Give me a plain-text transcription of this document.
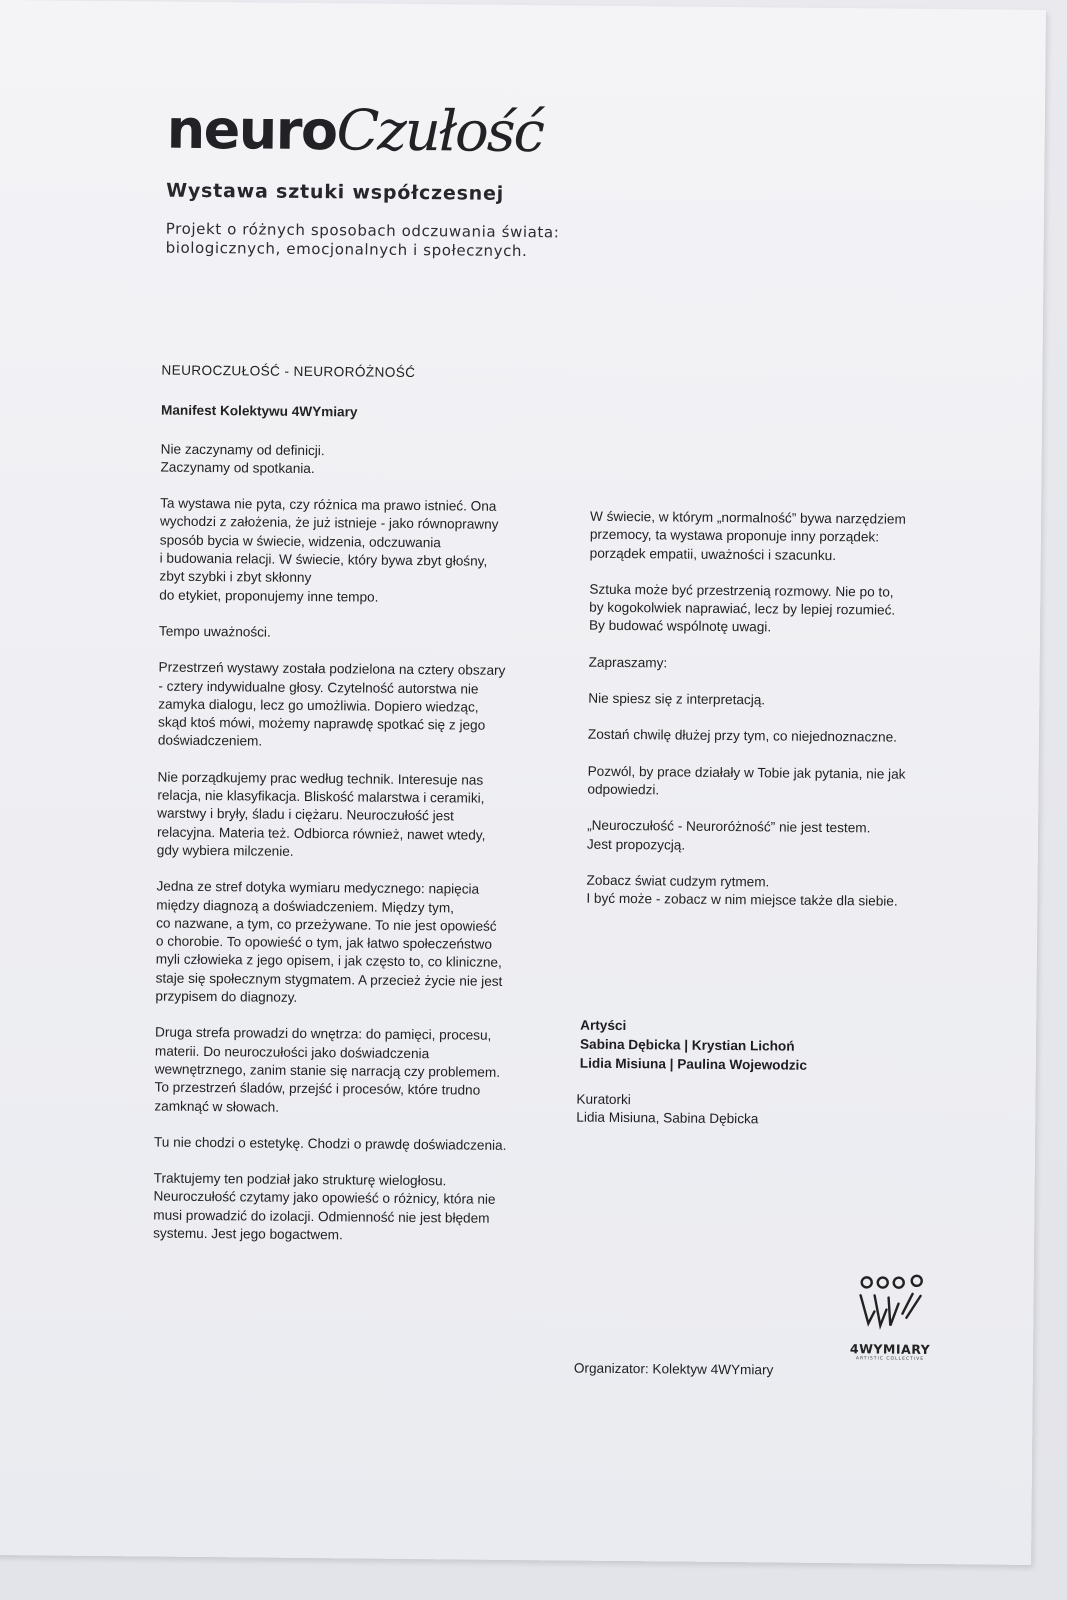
neuroCzułość
Wystawa sztuki współczesnej
Projekt o różnych sposobach odczuwania świata:
biologicznych, emocjonalnych i społecznych.
NEUROCZUŁOŚĆ - NEURORÓŻNOŚĆ
Manifest Kolektywu 4WYmiary
Nie zaczynamy od definicji.
Zaczynamy od spotkania.
Ta wystawa nie pyta, czy różnica ma prawo istnieć. Ona
wychodzi z założenia, że już istnieje - jako równoprawny
sposób bycia w świecie, widzenia, odczuwania
i budowania relacji. W świecie, który bywa zbyt głośny,
zbyt szybki i zbyt skłonny
do etykiet, proponujemy inne tempo.
Tempo uważności.
Przestrzeń wystawy została podzielona na cztery obszary
- cztery indywidualne głosy. Czytelność autorstwa nie
zamyka dialogu, lecz go umożliwia. Dopiero wiedząc,
skąd ktoś mówi, możemy naprawdę spotkać się z jego
doświadczeniem.
Nie porządkujemy prac według technik. Interesuje nas
relacja, nie klasyfikacja. Bliskość malarstwa i ceramiki,
warstwy i bryły, śladu i ciężaru. Neuroczułość jest
relacyjna. Materia też. Odbiorca również, nawet wtedy,
gdy wybiera milczenie.
Jedna ze stref dotyka wymiaru medycznego: napięcia
między diagnozą a doświadczeniem. Między tym,
co nazwane, a tym, co przeżywane. To nie jest opowieść
o chorobie. To opowieść o tym, jak łatwo społeczeństwo
myli człowieka z jego opisem, i jak często to, co kliniczne,
staje się społecznym stygmatem. A przecież życie nie jest
przypisem do diagnozy.
Druga strefa prowadzi do wnętrza: do pamięci, procesu,
materii. Do neuroczułości jako doświadczenia
wewnętrznego, zanim stanie się narracją czy problemem.
To przestrzeń śladów, przejść i procesów, które trudno
zamknąć w słowach.
Tu nie chodzi o estetykę. Chodzi o prawdę doświadczenia.
Traktujemy ten podział jako strukturę wielogłosu.
Neuroczułość czytamy jako opowieść o różnicy, która nie
musi prowadzić do izolacji. Odmienność nie jest błędem
systemu. Jest jego bogactwem.
W świecie, w którym „normalność” bywa narzędziem
przemocy, ta wystawa proponuje inny porządek:
porządek empatii, uważności i szacunku.
Sztuka może być przestrzenią rozmowy. Nie po to,
by kogokolwiek naprawiać, lecz by lepiej rozumieć.
By budować wspólnotę uwagi.
Zapraszamy:
Nie spiesz się z interpretacją.
Zostań chwilę dłużej przy tym, co niejednoznaczne.
Pozwól, by prace działały w Tobie jak pytania, nie jak
odpowiedzi.
„Neuroczułość - Neuroróżność” nie jest testem.
Jest propozycją.
Zobacz świat cudzym rytmem.
I być może - zobacz w nim miejsce także dla siebie.
Artyści
Sabina Dębicka | Krystian Lichoń
Lidia Misiuna | Paulina Wojewodzic
Kuratorki
Lidia Misiuna, Sabina Dębicka
Organizator: Kolektyw 4WYmiary
4WYMIARY
ARTISTIC COLLECTIVE
